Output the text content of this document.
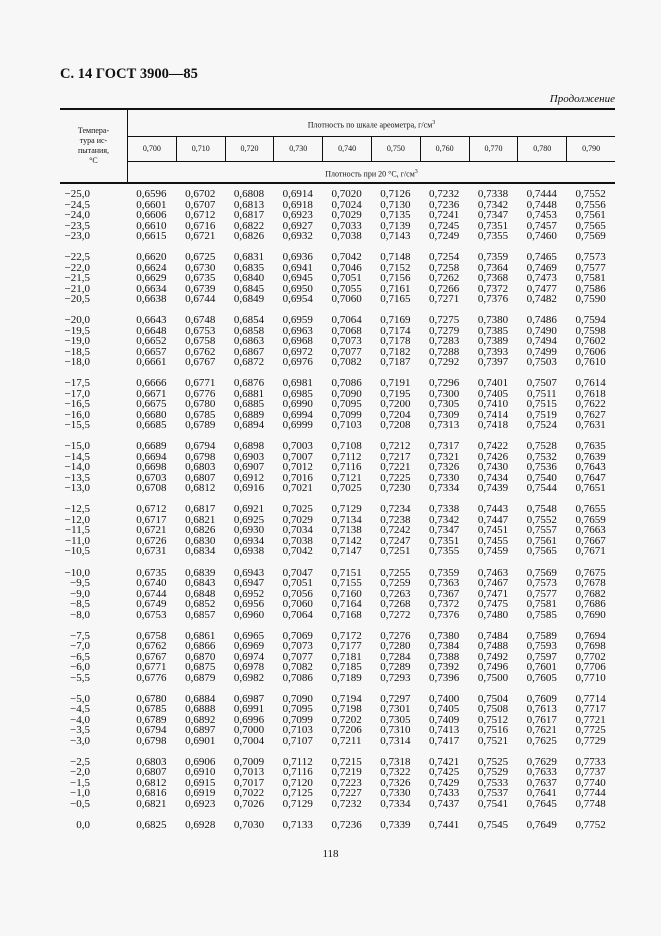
С. 14 ГОСТ 3900—85
Продолжение
Темпера-
тура ис-
пытания,
°С
Плотность по шкале ареометра, $г/см^3$
0,700	0,710	0,720	0,730	0,740	0,750	0,760	0,770	0,780	0,790
Плотность при 20 °С, $г/см^3$
−25,0	0,6596	0,6702	0,6808	0,6914	0,7020	0,7126	0,7232	0,7338	0,7444	0,7552
−24,5	0,6601	0,6707	0,6813	0,6918	0,7024	0,7130	0,7236	0,7342	0,7448	0,7556
−24,0	0,6606	0,6712	0,6817	0,6923	0,7029	0,7135	0,7241	0,7347	0,7453	0,7561
−23,5	0,6610	0,6716	0,6822	0,6927	0,7033	0,7139	0,7245	0,7351	0,7457	0,7565
−23,0	0,6615	0,6721	0,6826	0,6932	0,7038	0,7143	0,7249	0,7355	0,7460	0,7569
−22,5	0,6620	0,6725	0,6831	0,6936	0,7042	0,7148	0,7254	0,7359	0,7465	0,7573
−22,0	0,6624	0,6730	0,6835	0,6941	0,7046	0,7152	0,7258	0,7364	0,7469	0,7577
−21,5	0,6629	0,6735	0,6840	0,6945	0,7051	0,7156	0,7262	0,7368	0,7473	0,7581
−21,0	0,6634	0,6739	0,6845	0,6950	0,7055	0,7161	0,7266	0,7372	0,7477	0,7586
−20,5	0,6638	0,6744	0,6849	0,6954	0,7060	0,7165	0,7271	0,7376	0,7482	0,7590
−20,0	0,6643	0,6748	0,6854	0,6959	0,7064	0,7169	0,7275	0,7380	0,7486	0,7594
−19,5	0,6648	0,6753	0,6858	0,6963	0,7068	0,7174	0,7279	0,7385	0,7490	0,7598
−19,0	0,6652	0,6758	0,6863	0,6968	0,7073	0,7178	0,7283	0,7389	0,7494	0,7602
−18,5	0,6657	0,6762	0,6867	0,6972	0,7077	0,7182	0,7288	0,7393	0,7499	0,7606
−18,0	0,6661	0,6767	0,6872	0,6976	0,7082	0,7187	0,7292	0,7397	0,7503	0,7610
−17,5	0,6666	0,6771	0,6876	0,6981	0,7086	0,7191	0,7296	0,7401	0,7507	0,7614
−17,0	0,6671	0,6776	0,6881	0,6985	0,7090	0,7195	0,7300	0,7405	0,7511	0,7618
−16,5	0,6675	0,6780	0,6885	0,6990	0,7095	0,7200	0,7305	0,7410	0,7515	0,7622
−16,0	0,6680	0,6785	0,6889	0,6994	0,7099	0,7204	0,7309	0,7414	0,7519	0,7627
−15,5	0,6685	0,6789	0,6894	0,6999	0,7103	0,7208	0,7313	0,7418	0,7524	0,7631
−15,0	0,6689	0,6794	0,6898	0,7003	0,7108	0,7212	0,7317	0,7422	0,7528	0,7635
−14,5	0,6694	0,6798	0,6903	0,7007	0,7112	0,7217	0,7321	0,7426	0,7532	0,7639
−14,0	0,6698	0,6803	0,6907	0,7012	0,7116	0,7221	0,7326	0,7430	0,7536	0,7643
−13,5	0,6703	0,6807	0,6912	0,7016	0,7121	0,7225	0,7330	0,7434	0,7540	0,7647
−13,0	0,6708	0,6812	0,6916	0,7021	0,7025	0,7230	0,7334	0,7439	0,7544	0,7651
−12,5	0,6712	0,6817	0,6921	0,7025	0,7129	0,7234	0,7338	0,7443	0,7548	0,7655
−12,0	0,6717	0,6821	0,6925	0,7029	0,7134	0,7238	0,7342	0,7447	0,7552	0,7659
−11,5	0,6721	0,6826	0,6930	0,7034	0,7138	0,7242	0,7347	0,7451	0,7557	0,7663
−11,0	0,6726	0,6830	0,6934	0,7038	0,7142	0,7247	0,7351	0,7455	0,7561	0,7667
−10,5	0,6731	0,6834	0,6938	0,7042	0,7147	0,7251	0,7355	0,7459	0,7565	0,7671
−10,0	0,6735	0,6839	0,6943	0,7047	0,7151	0,7255	0,7359	0,7463	0,7569	0,7675
−9,5	0,6740	0,6843	0,6947	0,7051	0,7155	0,7259	0,7363	0,7467	0,7573	0,7678
−9,0	0,6744	0,6848	0,6952	0,7056	0,7160	0,7263	0,7367	0,7471	0,7577	0,7682
−8,5	0,6749	0,6852	0,6956	0,7060	0,7164	0,7268	0,7372	0,7475	0,7581	0,7686
−8,0	0,6753	0,6857	0,6960	0,7064	0,7168	0,7272	0,7376	0,7480	0,7585	0,7690
−7,5	0,6758	0,6861	0,6965	0,7069	0,7172	0,7276	0,7380	0,7484	0,7589	0,7694
−7,0	0,6762	0,6866	0,6969	0,7073	0,7177	0,7280	0,7384	0,7488	0,7593	0,7698
−6,5	0,6767	0,6870	0,6974	0,7077	0,7181	0,7284	0,7388	0,7492	0,7597	0,7702
−6,0	0,6771	0,6875	0,6978	0,7082	0,7185	0,7289	0,7392	0,7496	0,7601	0,7706
−5,5	0,6776	0,6879	0,6982	0,7086	0,7189	0,7293	0,7396	0,7500	0,7605	0,7710
−5,0	0,6780	0,6884	0,6987	0,7090	0,7194	0,7297	0,7400	0,7504	0,7609	0,7714
−4,5	0,6785	0,6888	0,6991	0,7095	0,7198	0,7301	0,7405	0,7508	0,7613	0,7717
−4,0	0,6789	0,6892	0,6996	0,7099	0,7202	0,7305	0,7409	0,7512	0,7617	0,7721
−3,5	0,6794	0,6897	0,7000	0,7103	0,7206	0,7310	0,7413	0,7516	0,7621	0,7725
−3,0	0,6798	0,6901	0,7004	0,7107	0,7211	0,7314	0,7417	0,7521	0,7625	0,7729
−2,5	0,6803	0,6906	0,7009	0,7112	0,7215	0,7318	0,7421	0,7525	0,7629	0,7733
−2,0	0,6807	0,6910	0,7013	0,7116	0,7219	0,7322	0,7425	0,7529	0,7633	0,7737
−1,5	0,6812	0,6915	0,7017	0,7120	0,7223	0,7326	0,7429	0,7533	0,7637	0,7740
−1,0	0,6816	0,6919	0,7022	0,7125	0,7227	0,7330	0,7433	0,7537	0,7641	0,7744
−0,5	0,6821	0,6923	0,7026	0,7129	0,7232	0,7334	0,7437	0,7541	0,7645	0,7748
0,0	0,6825	0,6928	0,7030	0,7133	0,7236	0,7339	0,7441	0,7545	0,7649	0,7752
118
